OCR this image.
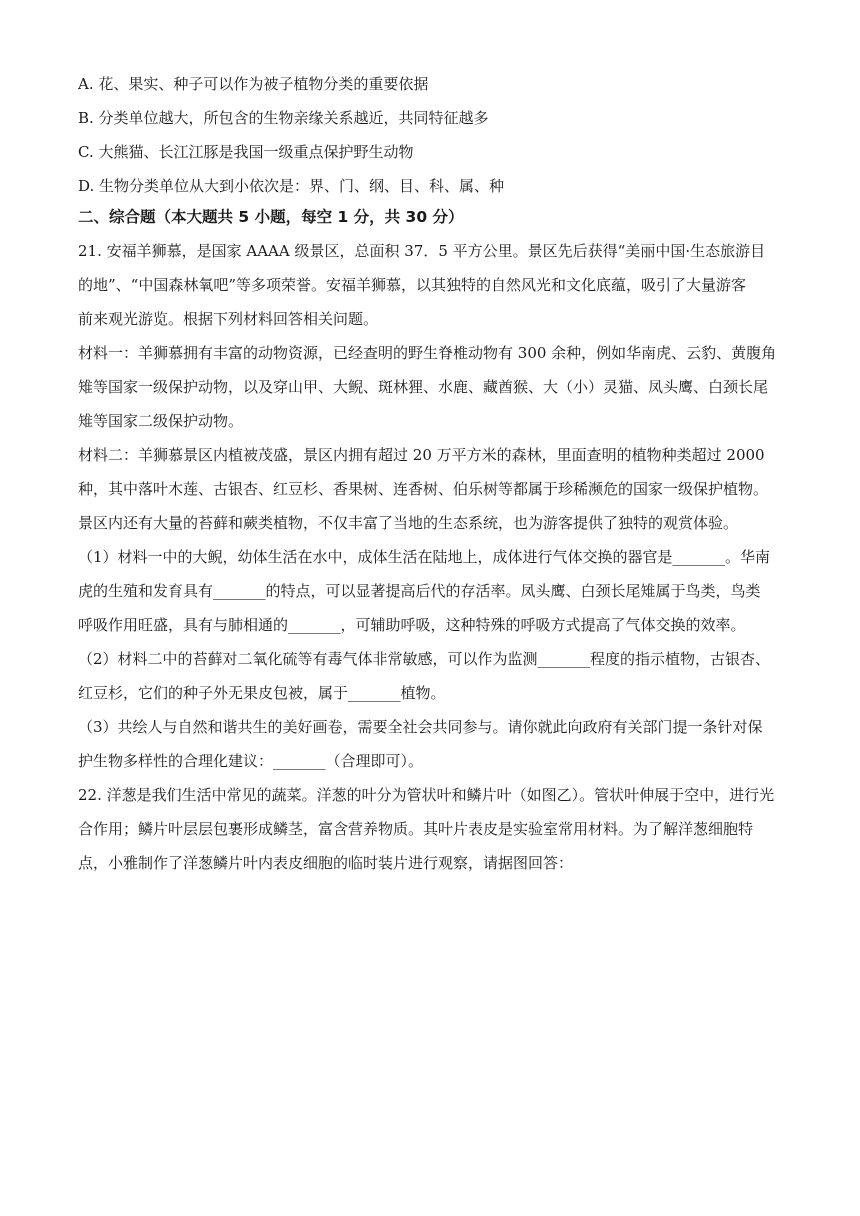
A. 花、果实、种子可以作为被子植物分类的重要依据
B. 分类单位越大，所包含的生物亲缘关系越近，共同特征越多
C. 大熊猫、长江江豚是我国一级重点保护野生动物
D. 生物分类单位从大到小依次是：界、门、纲、目、科、属、种
二、综合题（本大题共 5 小题，每空 1 分，共 30 分）
21. 安福羊狮慕，是国家 AAAA 级景区，总面积 37．5 平方公里。景区先后获得“美丽中国·生态旅游目
的地”、“中国森林氧吧”等多项荣誉。安福羊狮慕，以其独特的自然风光和文化底蕴，吸引了大量游客
前来观光游览。根据下列材料回答相关问题。
材料一：羊狮慕拥有丰富的动物资源，已经查明的野生脊椎动物有 300 余种，例如华南虎、云豹、黄腹角
雉等国家一级保护动物，以及穿山甲、大鲵、斑林狸、水鹿、藏酋猴、大（小）灵猫、凤头鹰、白颈长尾
雉等国家二级保护动物。
材料二：羊狮慕景区内植被茂盛，景区内拥有超过 20 万平方米的森林，里面查明的植物种类超过 2000
种，其中落叶木莲、古银杏、红豆杉、香果树、连香树、伯乐树等都属于珍稀濒危的国家一级保护植物。
景区内还有大量的苔藓和蕨类植物，不仅丰富了当地的生态系统，也为游客提供了独特的观赏体验。
（1）材料一中的大鲵，幼体生活在水中，成体生活在陆地上，成体进行气体交换的器官是_______。华南
虎的生殖和发育具有_______的特点，可以显著提高后代的存活率。凤头鹰、白颈长尾雉属于鸟类，鸟类
呼吸作用旺盛，具有与肺相通的_______，可辅助呼吸，这种特殊的呼吸方式提高了气体交换的效率。
（2）材料二中的苔藓对二氧化硫等有毒气体非常敏感，可以作为监测_______程度的指示植物，古银杏、
红豆杉，它们的种子外无果皮包被，属于_______植物。
（3）共绘人与自然和谐共生的美好画卷，需要全社会共同参与。请你就此向政府有关部门提一条针对保
护生物多样性的合理化建议：_______（合理即可）。
22. 洋葱是我们生活中常见的蔬菜。洋葱的叶分为管状叶和鳞片叶（如图乙）。管状叶伸展于空中，进行光
合作用；鳞片叶层层包裹形成鳞茎，富含营养物质。其叶片表皮是实验室常用材料。为了解洋葱细胞特
点，小雅制作了洋葱鳞片叶内表皮细胞的临时装片进行观察，请据图回答：
